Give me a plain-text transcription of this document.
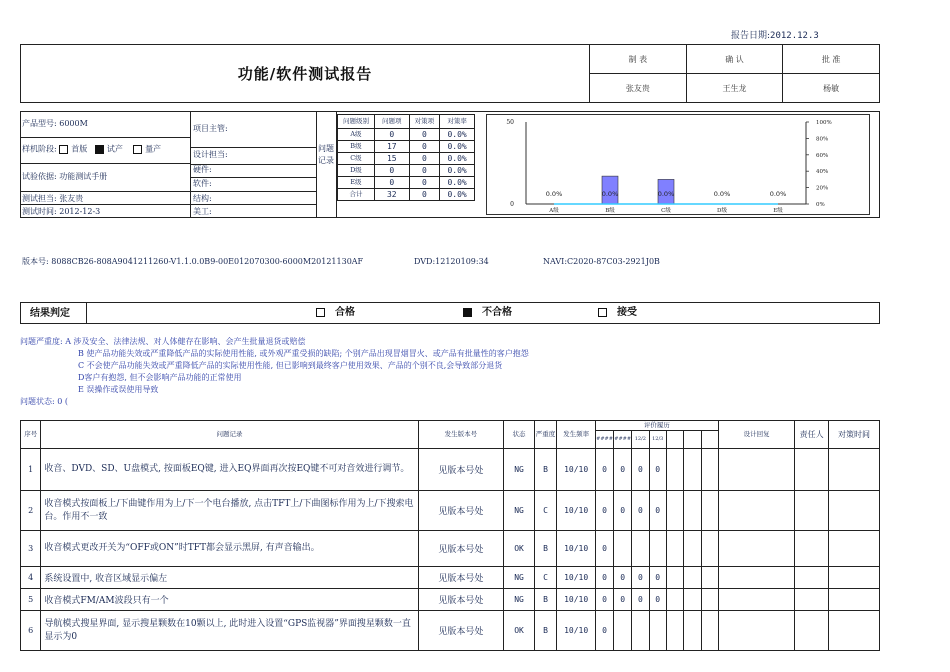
报告日期:2012.12.3
功能/软件测试报告	制 表	确 认	批 准
	张友贵	王生龙	杨敏
产品型号: 6000M
项目主管:
样机阶段: 首版 试产	量产
设计担当:
硬件:
试验依据: 功能测试手册
软件:
测试担当: 张友贵	结构:
测试时间: 2012-12-3	美工:
问题记录
问题级别	问题项	对策项	对策率
A级	0	0	0.0%
B级	17	0	0.0%
C级	15	0	0.0%
D级	0	0	0.0%
E级	0	0	0.0%
合计	32	0	0.0%
0
50
0%
20%
40%
60%
80%
100%
A级
0.0%
B级
0.0%
C级
0.0%
D级
0.0%
E级
0.0%
版本号: 8088CB26-808A9041211260-V1.1.0.0B9-00E012070300-6000M20121130AF	DVD:12120109:34	NAVI:C2020-87C03-2921J0B
结果判定	合格	不合格	接受
问题严重度: A 涉及安全、法律法规、对人体健存在影响、会产生批量退货或赔偿
B 使产品功能失效或严重降低产品的实际使用性能, 或外观严重受损的缺陷; 个别产品出现冒烟冒火、或产品有批量性的客户抱怨
C 不会使产品功能失效或严重降低产品的实际使用性能, 但已影响到最终客户使用效果、产品的个别不良,会导致部分退货
D客户有抱怨, 但不会影响产品功能的正常使用
E 误操作或误使用导致
问题状态: 0 (
序号	问题记录	发生版本号	状态	严重度	发生频率	评价履历							设计回复	责任人	对策时间
						####	####	12/2	12/3						
1	收音、DVD、SD、U盘模式, 按面板EQ键, 进入EQ界面再次按EQ键不可对音效进行调节。	见版本号处	NG	B	10/10	0	0	0	0						
2	收音模式按面板上/下曲键作用为上/下一个电台播放, 点击TFT上/下曲图标作用为上/下搜索电台。作用不一致	见版本号处	NG	C	10/10	0	0	0	0						
3	收音模式更改开关为“OFF或ON”时TFT都会显示黑屏, 有声音输出。	见版本号处	OK	B	10/10	0									
4	系统设置中, 收音区域显示偏左	见版本号处	NG	C	10/10	0	0	0	0						
5	收音模式FM/AM波段只有一个	见版本号处	NG	B	10/10	0	0	0	0						
6	导航模式搜星界面, 显示搜星颗数在10颗以上, 此时进入设置“GPS监视器”界面搜星颗数一直显示为0	见版本号处	OK	B	10/10	0									
